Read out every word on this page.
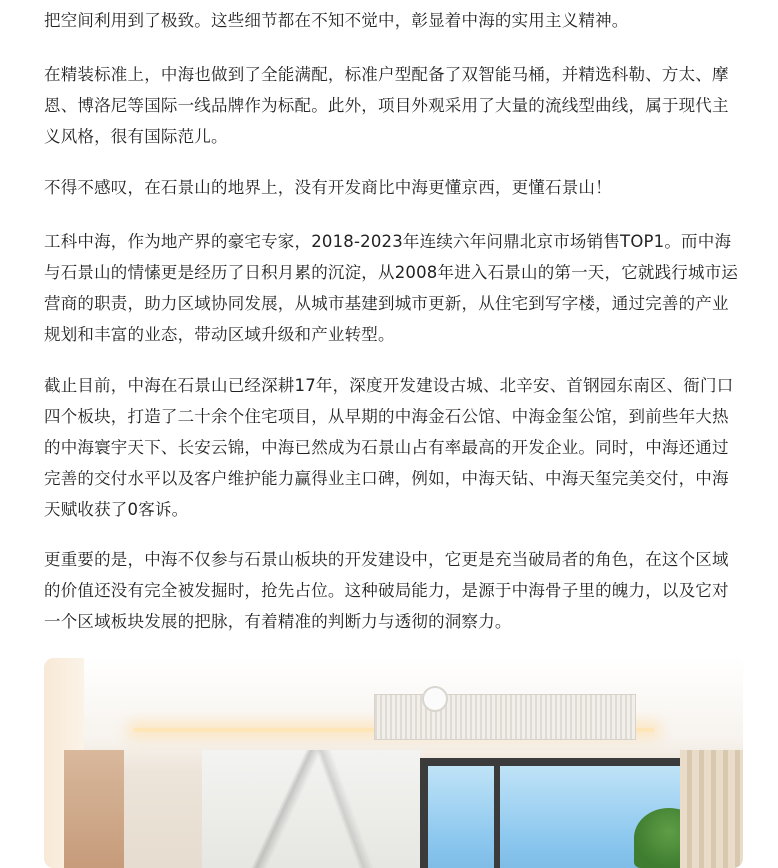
把空间利用到了极致。这些细节都在不知不觉中，彰显着中海的实用主义精神。

在精装标准上，中海也做到了全能满配，标准户型配备了双智能马桶，并精选科勒、方太、摩恩、博洛尼等国际一线品牌作为标配。此外，项目外观采用了大量的流线型曲线，属于现代主义风格，很有国际范儿。

不得不感叹，在石景山的地界上，没有开发商比中海更懂京西，更懂石景山！

工科中海，作为地产界的豪宅专家，2018-2023年连续六年问鼎北京市场销售TOP1。而中海与石景山的情愫更是经历了日积月累的沉淀，从2008年进入石景山的第一天，它就践行城市运营商的职责，助力区域协同发展，从城市基建到城市更新，从住宅到写字楼，通过完善的产业规划和丰富的业态，带动区域升级和产业转型。

截止目前，中海在石景山已经深耕17年，深度开发建设古城、北辛安、首钢园东南区、衙门口四个板块，打造了二十余个住宅项目，从早期的中海金石公馆、中海金玺公馆，到前些年大热的中海寰宇天下、长安云锦，中海已然成为石景山占有率最高的开发企业。同时，中海还通过完善的交付水平以及客户维护能力赢得业主口碑，例如，中海天钻、中海天玺完美交付，中海天赋收获了0客诉。

更重要的是，中海不仅参与石景山板块的开发建设中，它更是充当破局者的角色，在这个区域的价值还没有完全被发掘时，抢先占位。这种破局能力，是源于中海骨子里的魄力，以及它对一个区域板块发展的把脉，有着精准的判断力与透彻的洞察力。
